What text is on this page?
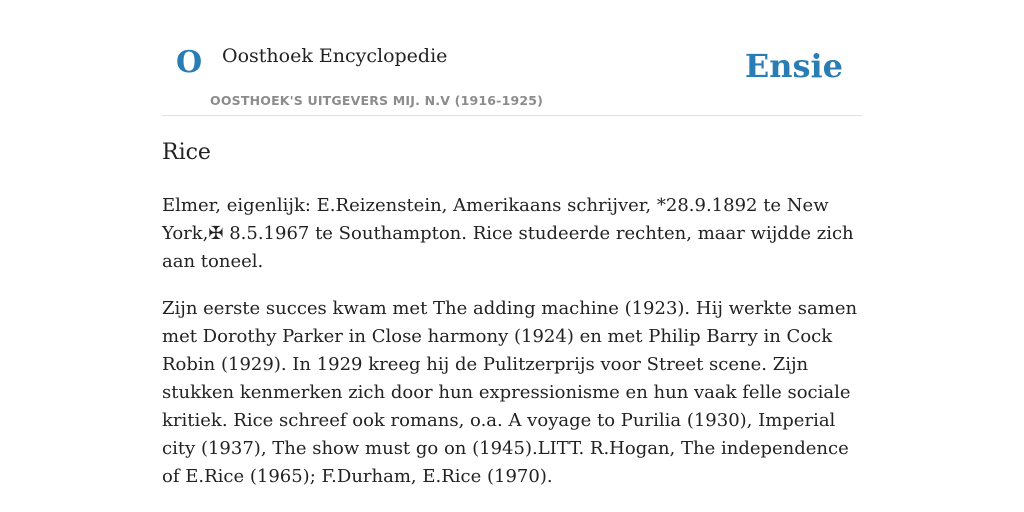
O Oosthoek Encyclopedie
OOSTHOEK'S UITGEVERS MIJ. N.V (1916-1925)
Ensie
Rice

Elmer, eigenlijk: E.Reizenstein, Amerikaans schrijver, *28.9.1892 te New York,✠ 8.5.1967 te Southampton. Rice studeerde rechten, maar wijdde zich aan toneel.

Zijn eerste succes kwam met The adding machine (1923). Hij werkte samen met Dorothy Parker in Close harmony (1924) en met Philip Barry in Cock Robin (1929). In 1929 kreeg hij de Pulitzerprijs voor Street scene. Zijn stukken kenmerken zich door hun expressionisme en hun vaak felle sociale kritiek. Rice schreef ook romans, o.a. A voyage to Purilia (1930), Imperial city (1937), The show must go on (1945).LITT. R.Hogan, The independence of E.Rice (1965); F.Durham, E.Rice (1970).
